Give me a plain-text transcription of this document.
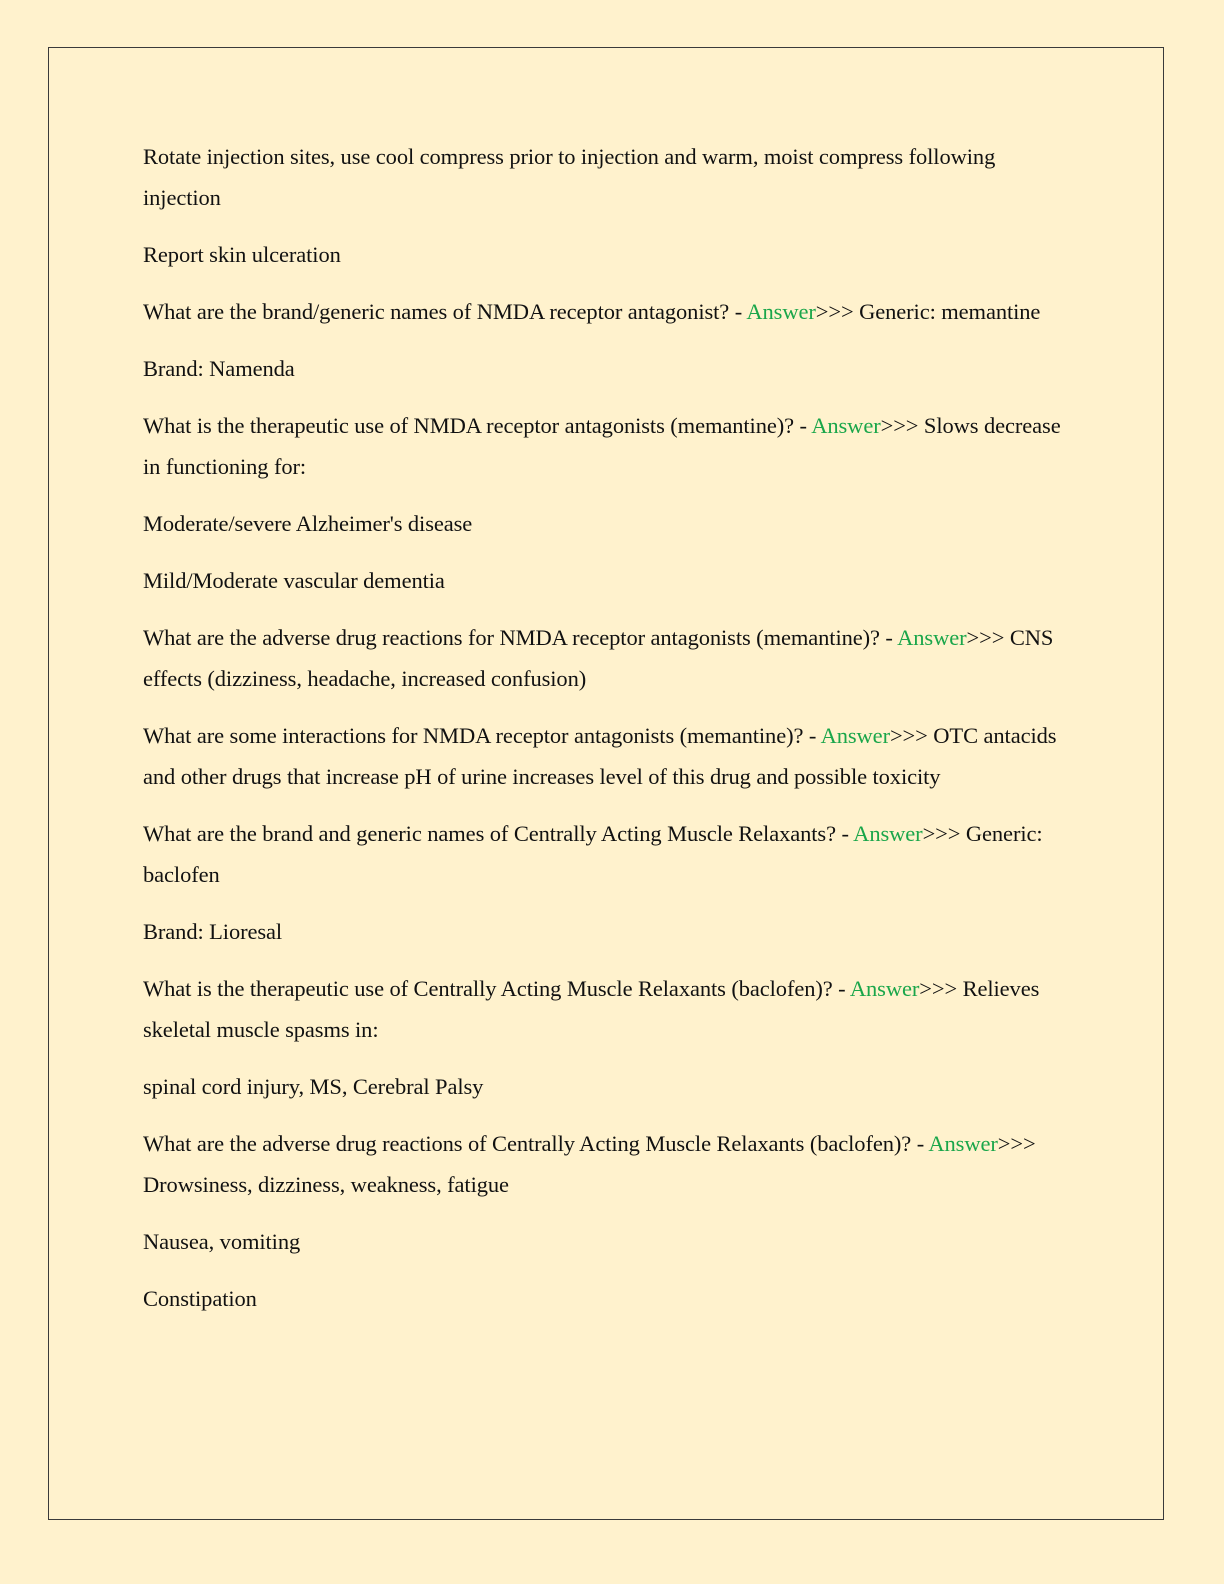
Rotate injection sites, use cool compress prior to injection and warm, moist compress following injection

Report skin ulceration

What are the brand/generic names of NMDA receptor antagonist? - Answer>>> Generic: memantine

Brand: Namenda

What is the therapeutic use of NMDA receptor antagonists (memantine)? - Answer>>> Slows decrease in functioning for:

Moderate/severe Alzheimer's disease

Mild/Moderate vascular dementia

What are the adverse drug reactions for NMDA receptor antagonists (memantine)? - Answer>>> CNS effects (dizziness, headache, increased confusion)

What are some interactions for NMDA receptor antagonists (memantine)? - Answer>>> OTC antacids and other drugs that increase pH of urine increases level of this drug and possible toxicity

What are the brand and generic names of Centrally Acting Muscle Relaxants? - Answer>>> Generic: baclofen

Brand: Lioresal

What is the therapeutic use of Centrally Acting Muscle Relaxants (baclofen)? - Answer>>> Relieves skeletal muscle spasms in:

spinal cord injury, MS, Cerebral Palsy

What are the adverse drug reactions of Centrally Acting Muscle Relaxants (baclofen)? - Answer>>> Drowsiness, dizziness, weakness, fatigue

Nausea, vomiting

Constipation
